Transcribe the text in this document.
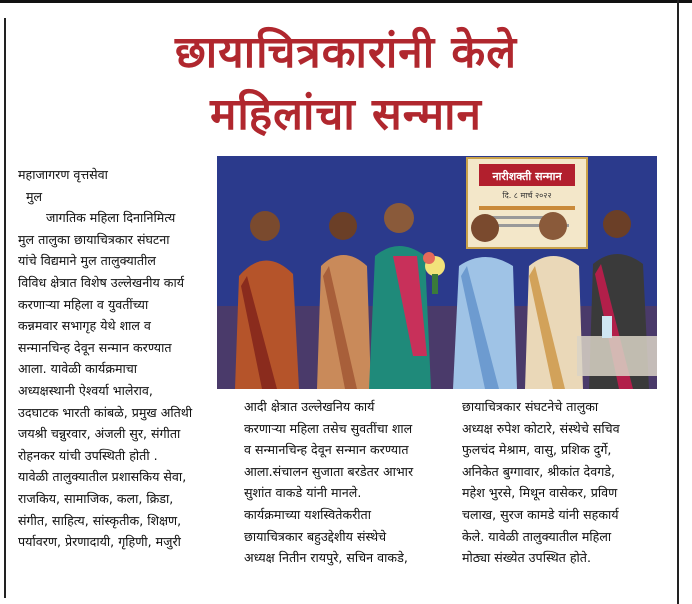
छायाचित्रकारांनी केले
महिलांचा सन्मान
नारीशक्ती सन्मान
दि. ८ मार्च २०२२
महाजागरण वृत्तसेवा
मुल
जागतिक महिला दिनानिमित्य
मुल तालुका छायाचित्रकार संघटना
यांचे विद्यमाने मुल तालुक्यातील
विविध क्षेत्रात विशेष उल्लेखनीय कार्य
करणाऱ्या महिला व युवतींच्या
कन्नमवार सभागृह येथे शाल व
सन्मानचिन्ह देवून सन्मान करण्यात
आला. यावेळी कार्यक्रमाचा
अध्यक्षस्थानी ऐश्वर्या भालेराव,
उदघाटक भारती कांबळे, प्रमुख अतिथी
जयश्री चन्नुरवार, अंजली सुर, संगीता
रोहनकर यांची उपस्थिती होती .
यावेळी तालुक्यातील प्रशासकिय सेवा,
राजकिय, सामाजिक, कला, क्रिडा,
संगीत, साहित्य, सांस्कृतीक, शिक्षण,
पर्यावरण, प्रेरणादायी, गृहिणी, मजुरी
आदी क्षेत्रात उल्लेखनिय कार्य
करणाऱ्या महिला तसेच सुवतींचा शाल
व सन्मानचिन्ह देवून सन्मान करण्यात
आला.संचालन सुजाता बरडेतर आभार
सुशांत वाकडे यांनी मानले.
कार्यक्रमाच्या यशस्वितेकरीता
छायाचित्रकार बहुउद्देशीय संस्थेचे
अध्यक्ष नितीन रायपुरे, सचिन वाकडे,
छायाचित्रकार संघटनेचे तालुका
अध्यक्ष रुपेश कोटारे, संस्थेचे सचिव
फुलचंद मेश्राम, वासु, प्रशिक दुर्गे,
अनिकेत बुग्गावार, श्रीकांत देवगडे,
महेश भुरसे, मिथून वासेकर, प्रविण
चलाख, सुरज कामडे यांनी सहकार्य
केले. यावेळी तालुक्यातील महिला
मोठ्या संख्येत उपस्थित होते.
